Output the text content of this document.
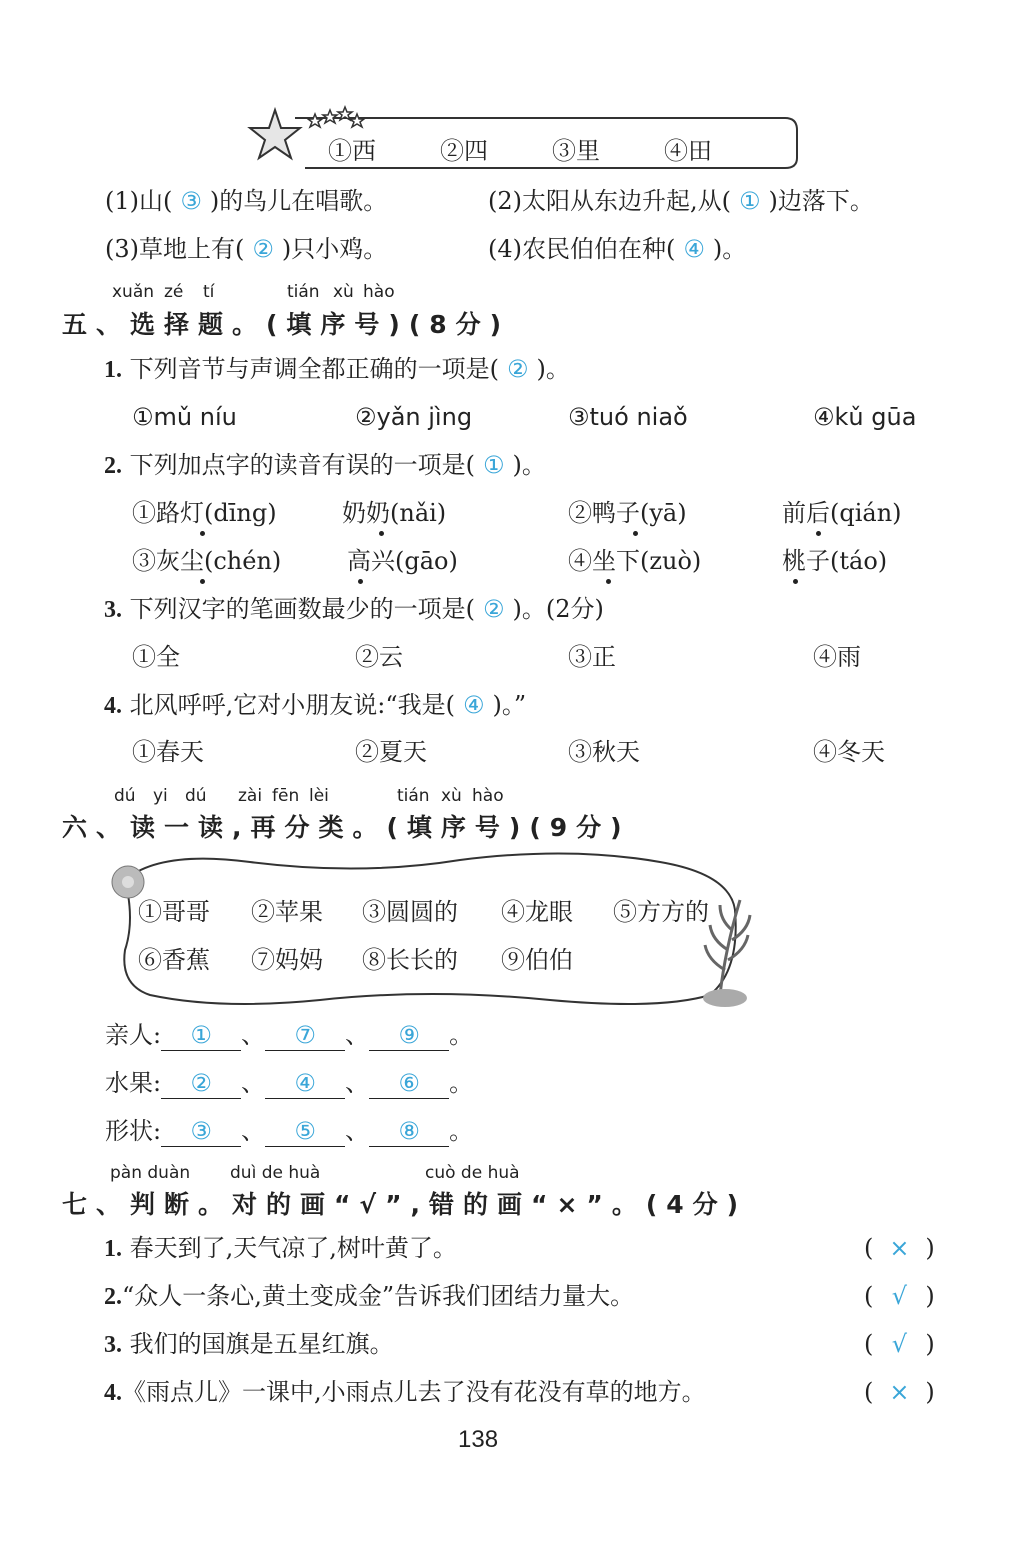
①西	②四	③里	④田
(1)山( ③ )的鸟儿在唱歌。	(2)太阳从东边升起,从( ① )边落下。
(3)草地上有( ② )只小鸡。	(4)农民伯伯在种( ④ )。
xuǎn zé tí	tián xù hào
五、选择题。(填序号)(8分)
1. 下列音节与声调全都正确的一项是( ② )。
①mǔ níu	②yǎn jìng	③tuó niaǒ	④kǔ gūa
2. 下列加点字的读音有误的一项是( ① )。
①路灯(dīng)	奶奶(nǎi)	②鸭子(yā)	前后(qián)
③灰尘(chén)	高兴(gāo)	④坐下(zuò)	桃子(táo)
3. 下列汉字的笔画数最少的一项是( ② )。(2分)
①全	②云	③正	④雨
4. 北风呼呼,它对小朋友说:“我是( ④ )。”
①春天	②夏天	③秋天	④冬天
dú yi dú zài fēn lèi	tián xù hào
六、读一读,再分类。(填序号)(9分)
①哥哥 ②苹果 ③圆圆的 ④龙眼 ⑤方方的
⑥香蕉 ⑦妈妈 ⑧长长的 ⑨伯伯
亲人: ① 、 ⑦ 、 ⑨ 。
水果: ② 、 ④ 、 ⑥ 。
形状: ③ 、 ⑤ 、 ⑧ 。
pàn duàn duì de huà	cuò de huà
七、判断。对的画“√”,错的画“×”。(4分)
1. 春天到了,天气凉了,树叶黄了。	( × )
2.“众人一条心,黄土变成金”告诉我们团结力量大。	( √ )
3. 我们的国旗是五星红旗。	( √ )
4.《雨点儿》一课中,小雨点儿去了没有花没有草的地方。	( × )
138
